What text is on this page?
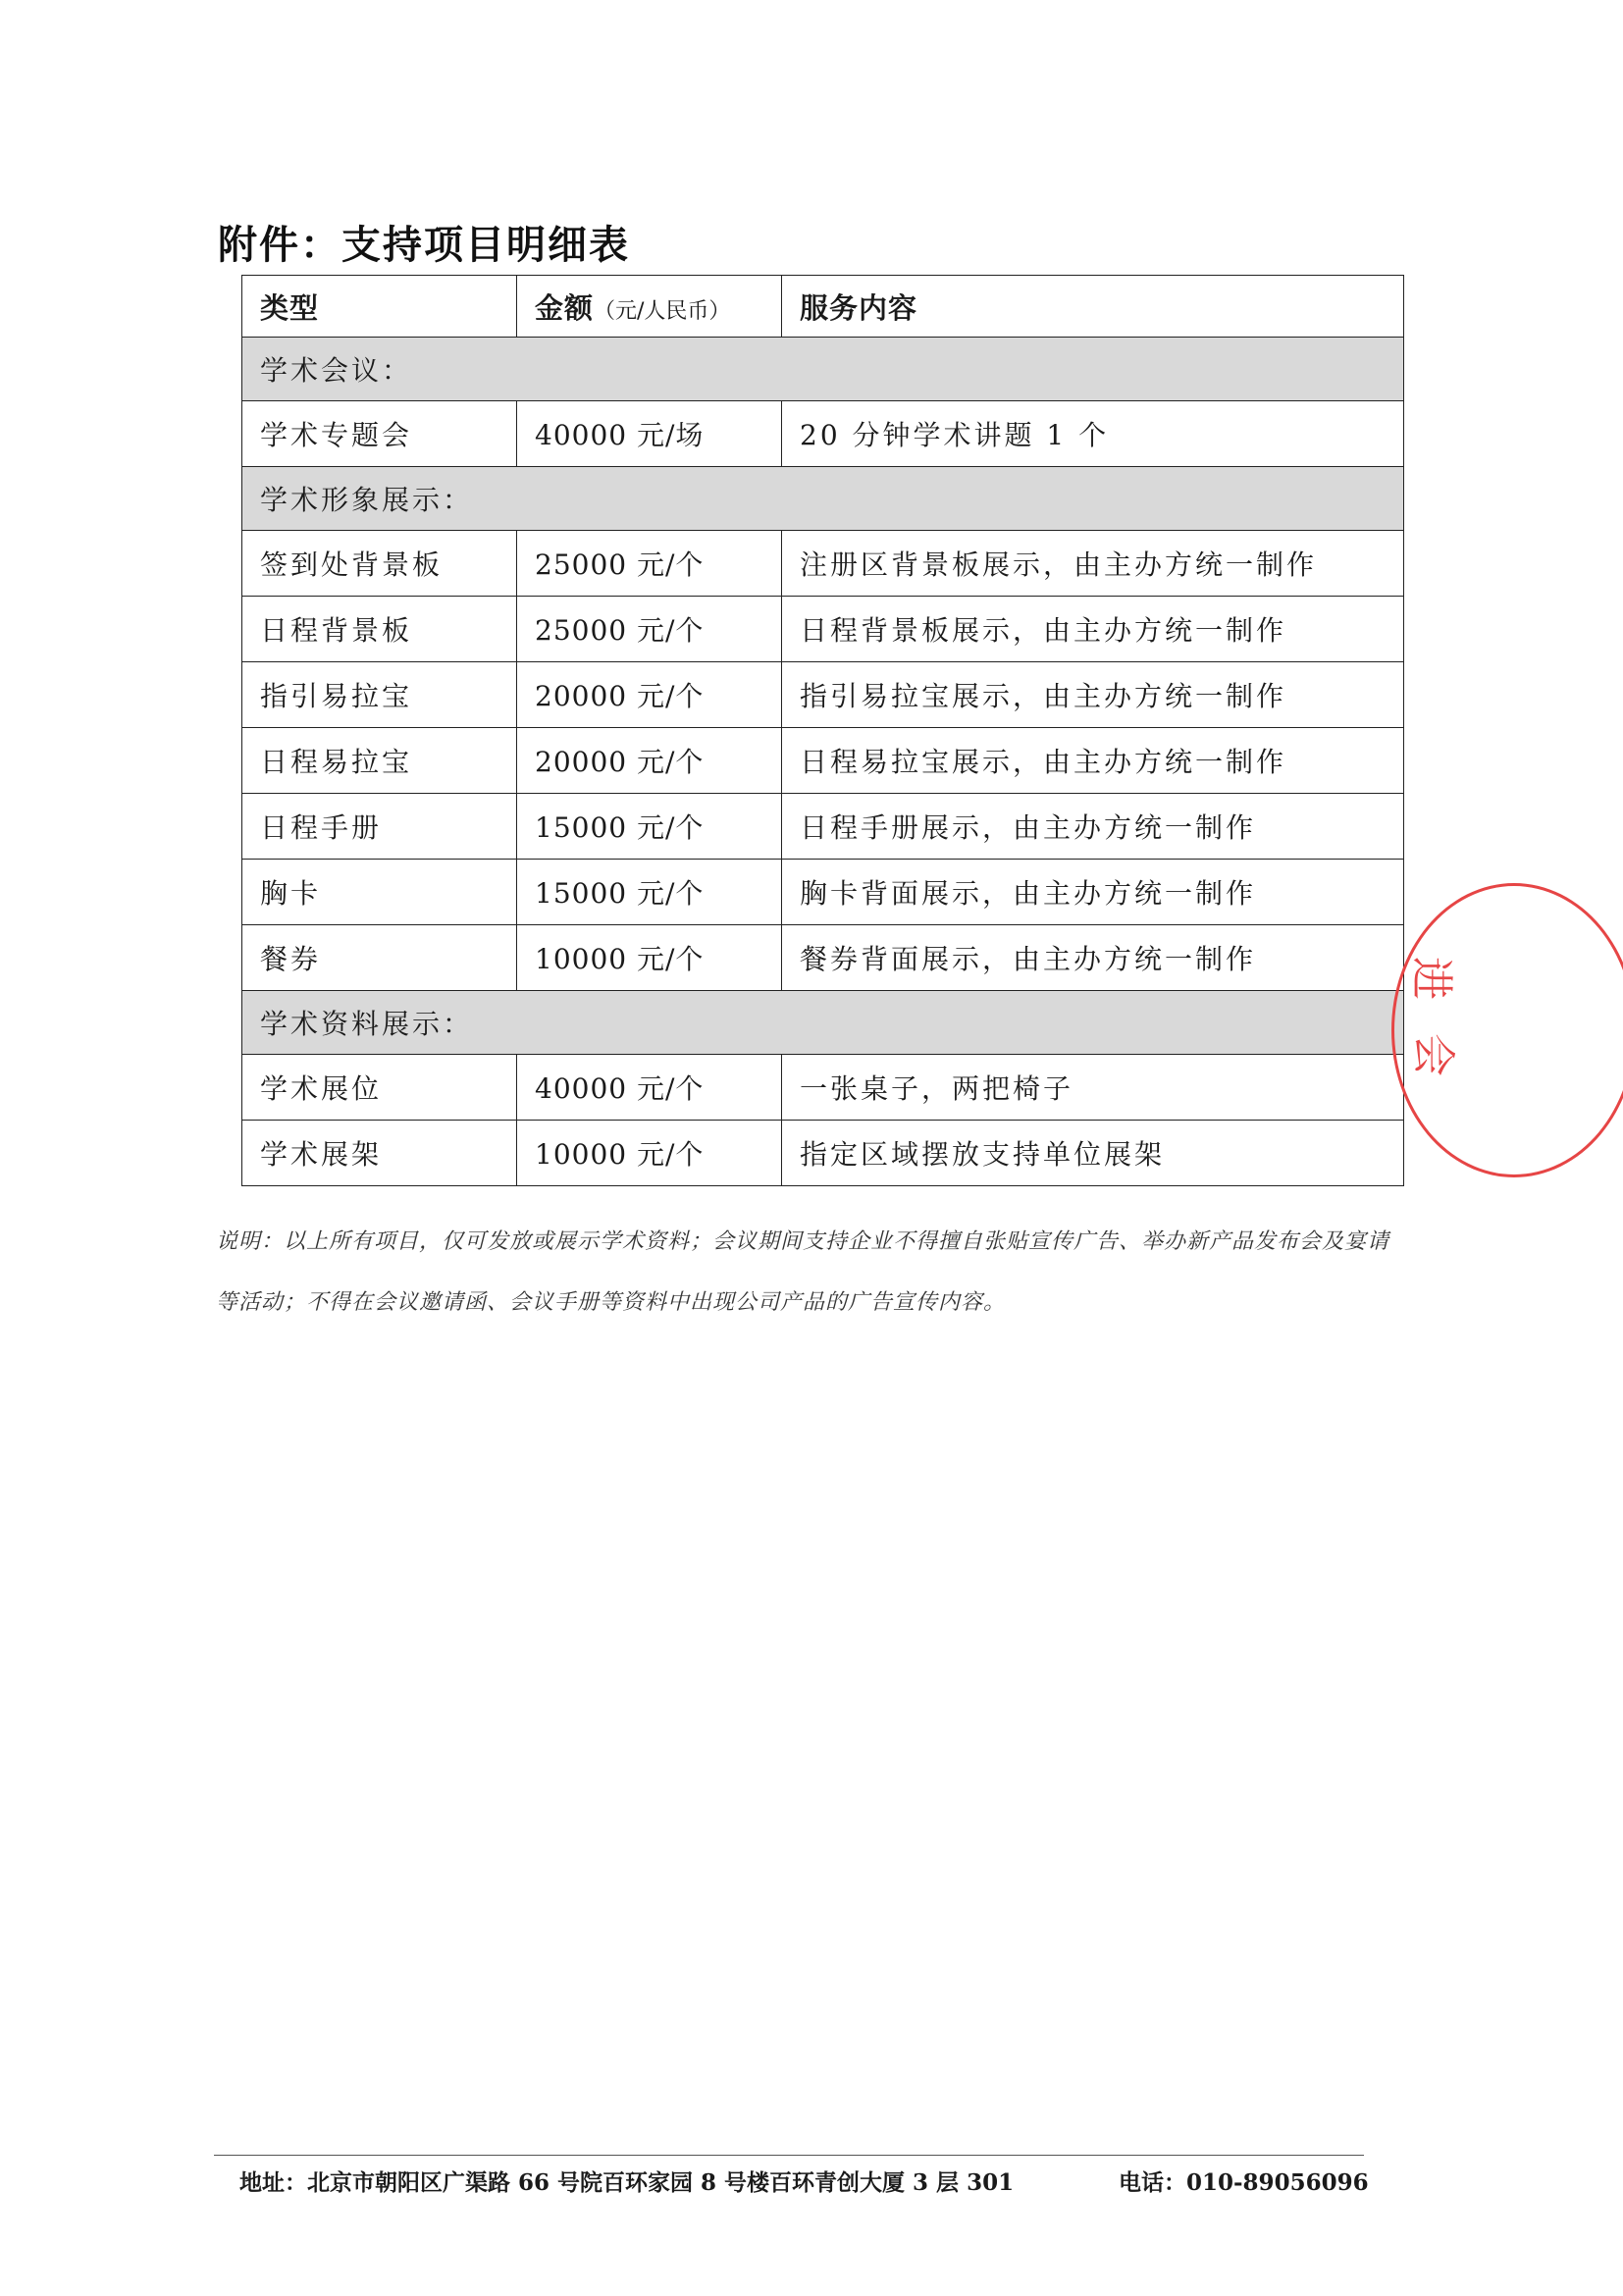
附件：支持项目明细表
类型	金额（元/人民币）	服务内容
学术会议：		
学术专题会	40000 元/场	20 分钟学术讲题 1 个
学术形象展示：		
签到处背景板	25000 元/个	注册区背景板展示，由主办方统一制作
日程背景板	25000 元/个	日程背景板展示，由主办方统一制作
指引易拉宝	20000 元/个	指引易拉宝展示，由主办方统一制作
日程易拉宝	20000 元/个	日程易拉宝展示，由主办方统一制作
日程手册	15000 元/个	日程手册展示，由主办方统一制作
胸卡	15000 元/个	胸卡背面展示，由主办方统一制作
餐券	10000 元/个	餐券背面展示，由主办方统一制作
学术资料展示：		
学术展位	40000 元/个	一张桌子，两把椅子
学术展架	10000 元/个	指定区域摆放支持单位展架
说明：以上所有项目，仅可发放或展示学术资料；会议期间支持企业不得擅自张贴宣传广告、举办新产品发布会及宴请等活动；不得在会议邀请函、会议手册等资料中出现公司产品的广告宣传内容。
进
会
地址：北京市朝阳区广渠路 66 号院百环家园 8 号楼百环青创大厦 3 层 301	电话：010-89056096
